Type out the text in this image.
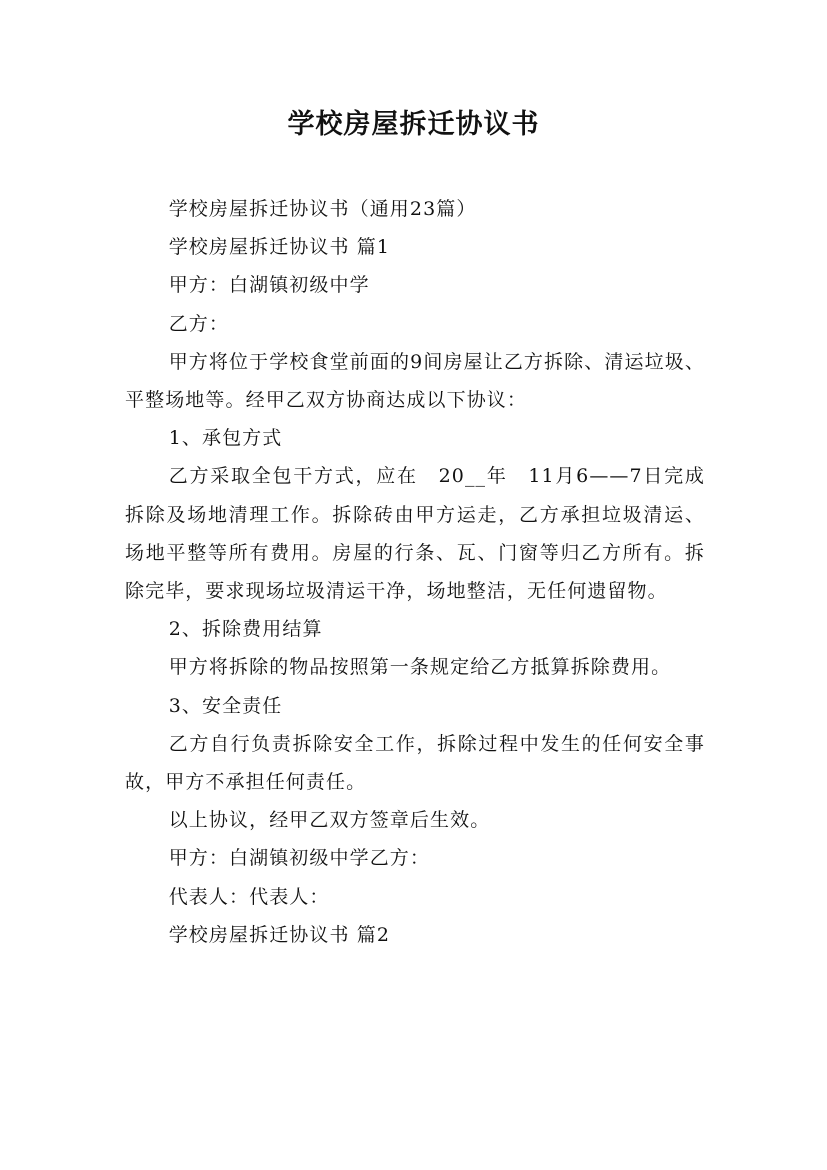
学校房屋拆迁协议书

学校房屋拆迁协议书（通用23篇）

学校房屋拆迁协议书 篇1

甲方：白湖镇初级中学

乙方：

甲方将位于学校食堂前面的9间房屋让乙方拆除、清运垃圾、平整场地等。经甲乙双方协商达成以下协议：

1、承包方式

乙方采取全包干方式，应在　20__年　11月6——7日完成拆除及场地清理工作。拆除砖由甲方运走，乙方承担垃圾清运、场地平整等所有费用。房屋的行条、瓦、门窗等归乙方所有。拆除完毕，要求现场垃圾清运干净，场地整洁，无任何遗留物。

2、拆除费用结算

甲方将拆除的物品按照第一条规定给乙方抵算拆除费用。

3、安全责任

乙方自行负责拆除安全工作，拆除过程中发生的任何安全事故，甲方不承担任何责任。

以上协议，经甲乙双方签章后生效。

甲方：白湖镇初级中学乙方：

代表人：代表人：

学校房屋拆迁协议书 篇2
